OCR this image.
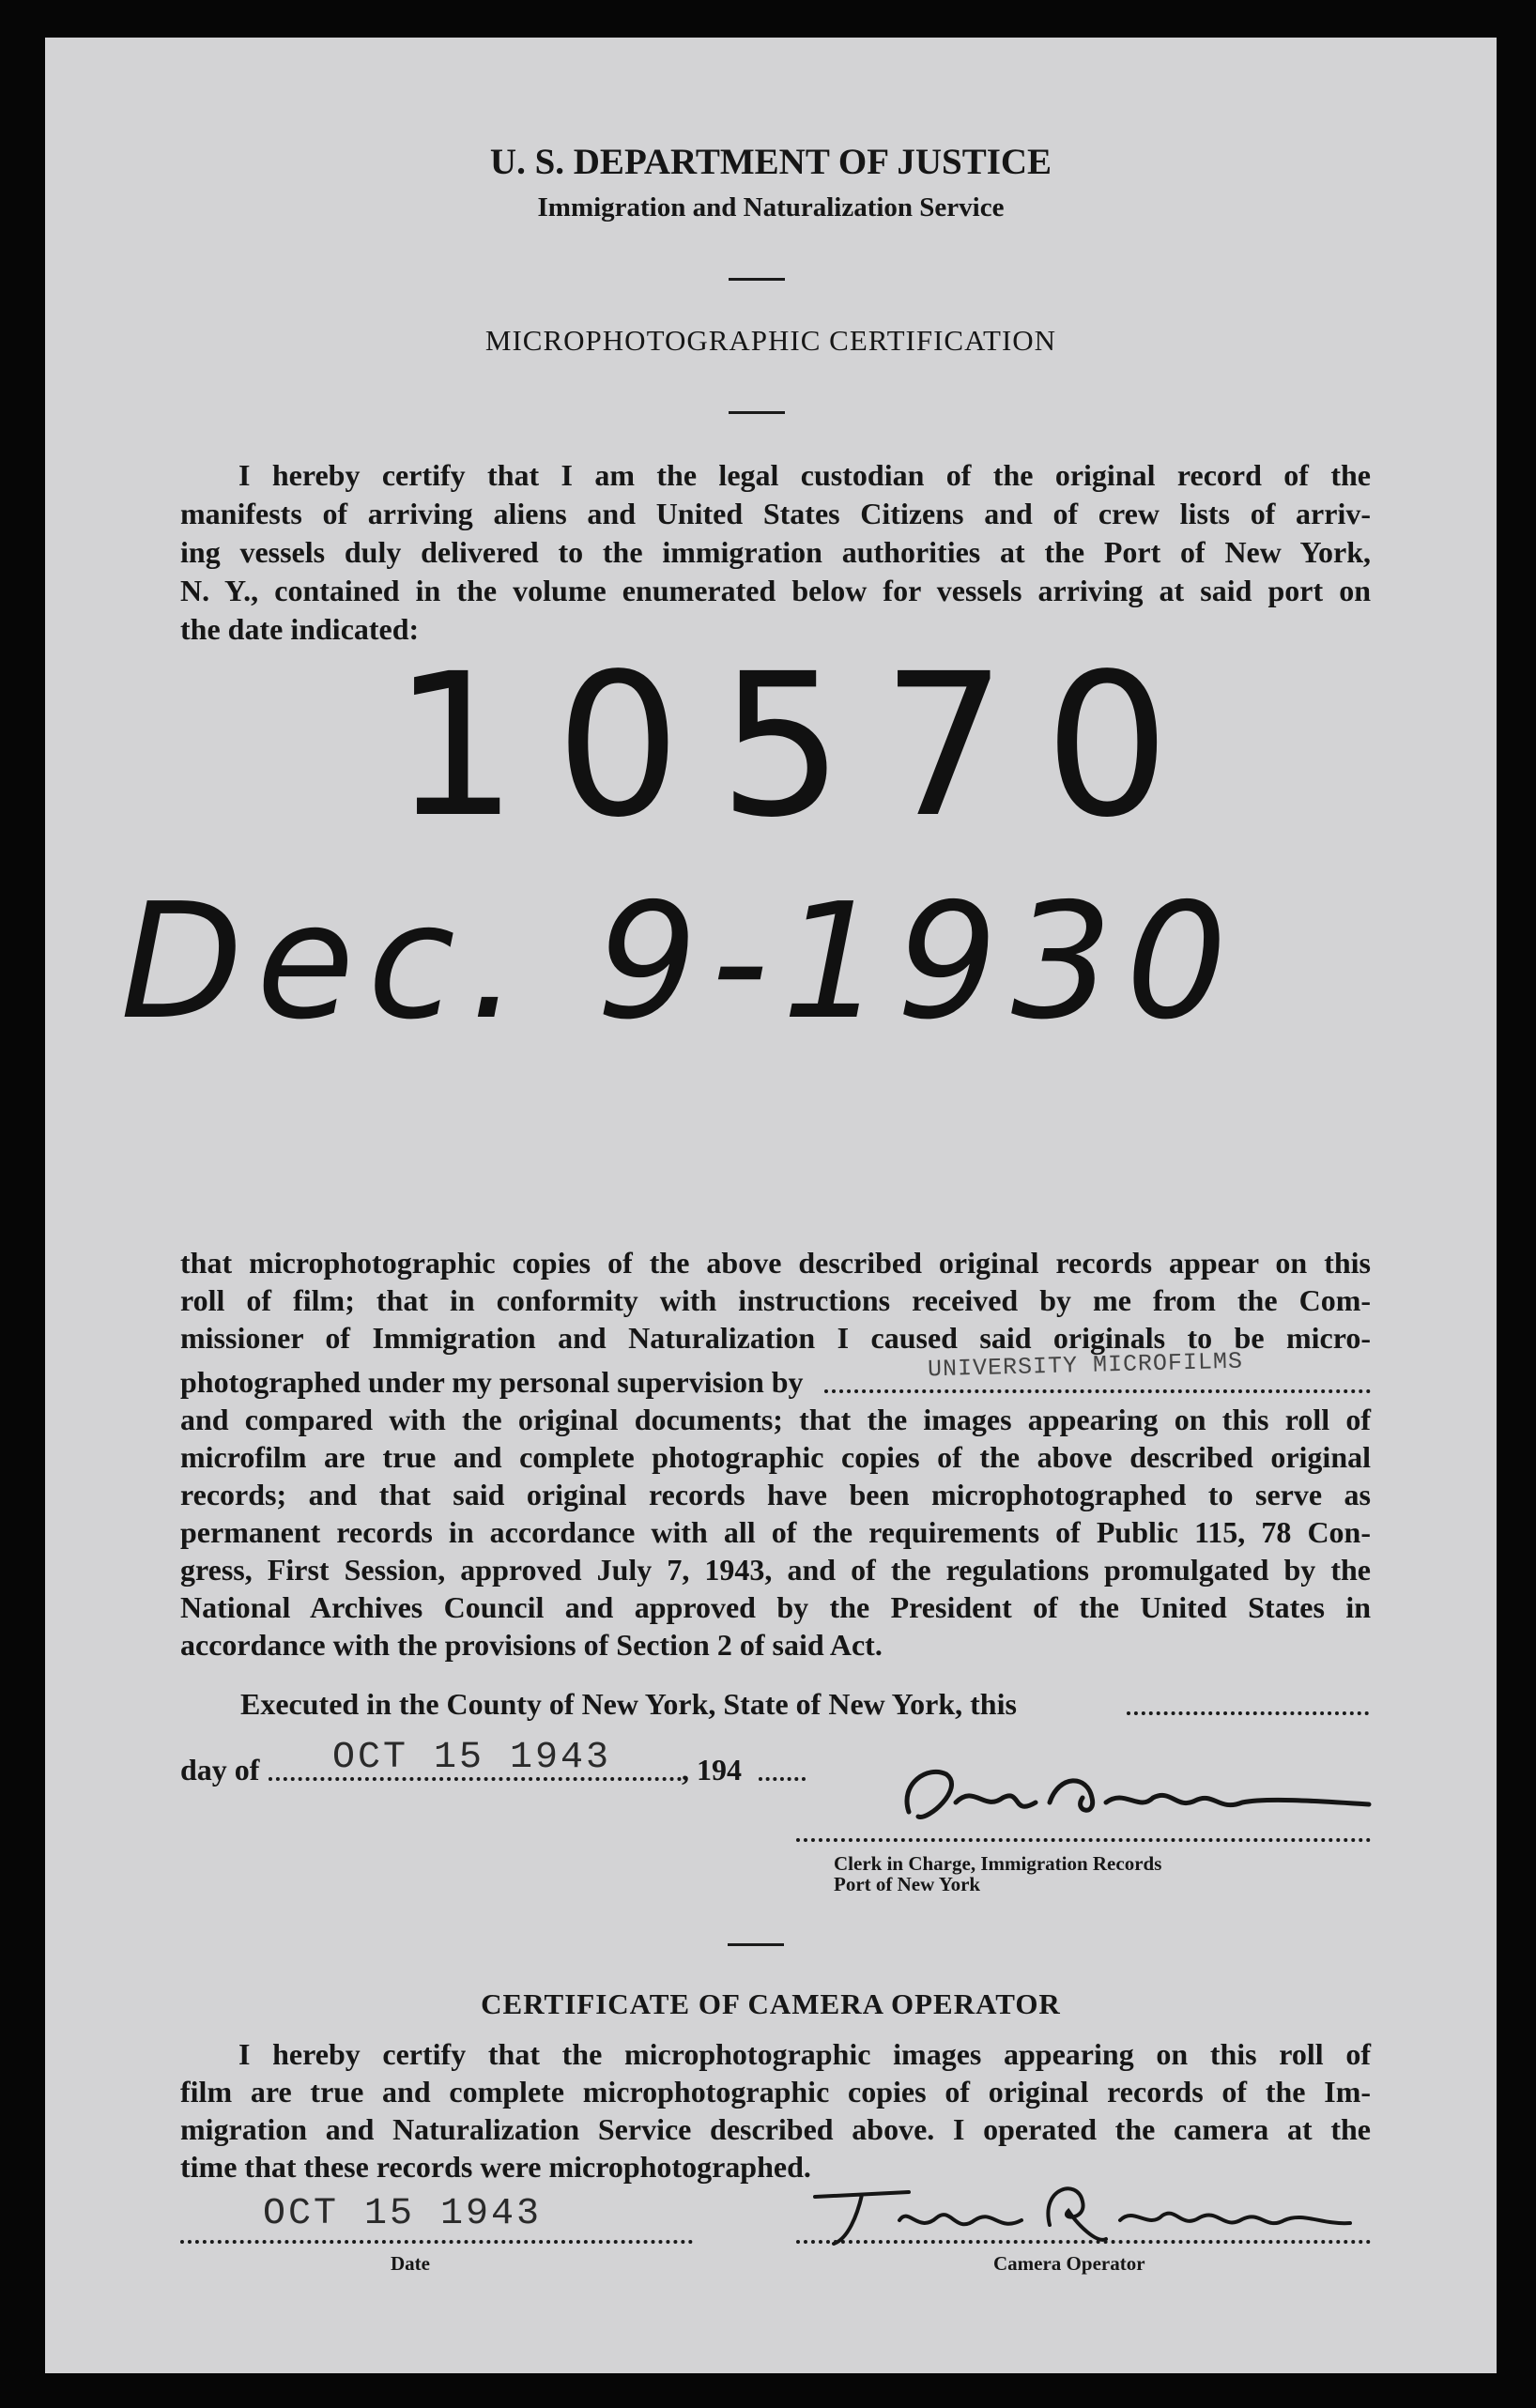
U. S. DEPARTMENT OF JUSTICE
Immigration and Naturalization Service
MICROPHOTOGRAPHIC CERTIFICATION
I hereby certify that I am the legal custodian of the original record of the
manifests of arriving aliens and United States Citizens and of crew lists of arriv-
ing vessels duly delivered to the immigration authorities at the Port of New York,
N. Y., contained in the volume enumerated below for vessels arriving at said port on
the date indicated:
10570
Dec. 9-1930
that microphotographic copies of the above described original records appear on this
roll of film; that in conformity with instructions received by me from the Com-
missioner of Immigration and Naturalization I caused said originals to be micro-
photographed under my personal supervision by	UNIVERSITY MICROFILMS
and compared with the original documents; that the images appearing on this roll of
microfilm are true and complete photographic copies of the above described original
records; and that said original records have been microphotographed to serve as
permanent records in accordance with all of the requirements of Public 115, 78 Con-
gress, First Session, approved July 7, 1943, and of the regulations promulgated by the
National Archives Council and approved by the President of the United States in
accordance with the provisions of Section 2 of said Act.
Executed in the County of New York, State of New York, this
day of	OCT 15 1943 , 194
Clerk in Charge, Immigration Records
Port of New York
CERTIFICATE OF CAMERA OPERATOR
I hereby certify that the microphotographic images appearing on this roll of
film are true and complete microphotographic copies of original records of the Im-
migration and Naturalization Service described above. I operated the camera at the
time that these records were microphotographed.
OCT 15 1943
Date	Camera Operator
